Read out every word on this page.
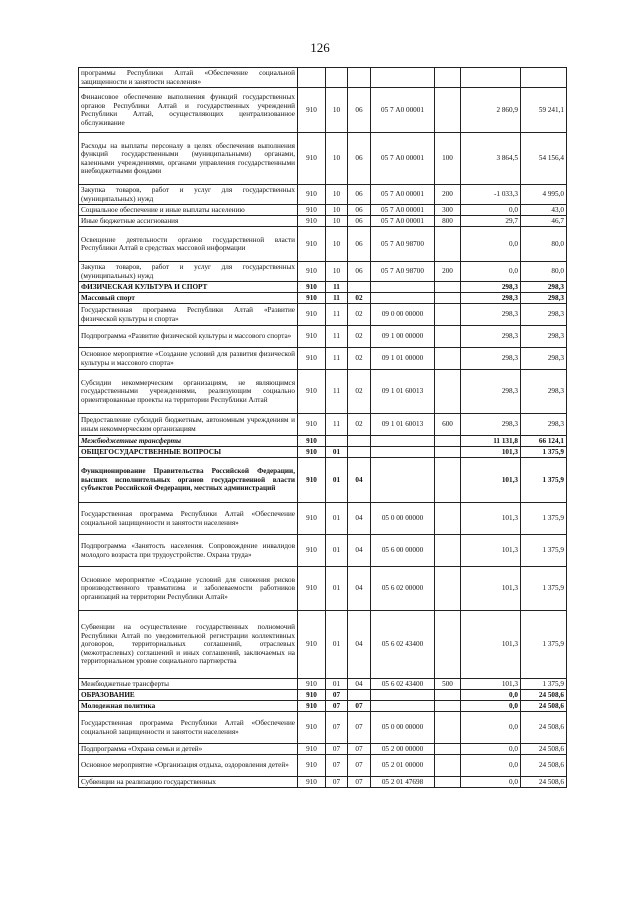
126
программы Республики Алтай «Обеспечение социальной защищенности и занятости населения»							
Финансовое обеспечение выполнения функций государственных органов Республики Алтай и государственных учреждений Республики Алтай, осуществляющих централизованное обслуживание	910	10	06	05 7 А0 00001		2 860,9	59 241,1
Расходы на выплаты персоналу в целях обеспечения выполнения функций государственными (муниципальными) органами, казенными учреждениями, органами управления государственными внебюджетными фондами	910	10	06	05 7 А0 00001	100	3 864,5	54 156,4
Закупка товаров, работ и услуг для государственных (муниципальных) нужд	910	10	06	05 7 А0 00001	200	-1 033,3	4 995,0
Социальное обеспечение и иные выплаты населению	910	10	06	05 7 А0 00001	300	0,0	43,0
Иные бюджетные ассигнования	910	10	06	05 7 А0 00001	800	29,7	46,7
Освещение деятельности органов государственной власти Республики Алтай в средствах массовой информации	910	10	06	05 7 А0 98700		0,0	80,0
Закупка товаров, работ и услуг для государственных (муниципальных) нужд	910	10	06	05 7 А0 98700	200	0,0	80,0
ФИЗИЧЕСКАЯ КУЛЬТУРА И СПОРТ	910	11				298,3	298,3
Массовый спорт	910	11	02			298,3	298,3
Государственная программа Республики Алтай «Развитие физической культуры и спорта»	910	11	02	09 0 00 00000		298,3	298,3
Подпрограмма «Развитие физической культуры и массового спорта»	910	11	02	09 1 00 00000		298,3	298,3
Основное мероприятие «Создание условий для развития физической культуры и массового спорта»	910	11	02	09 1 01 00000		298,3	298,3
Субсидии некоммерческим организациям, не являющимся государственными учреждениями, реализующим социально ориентированные проекты на территории Республики Алтай	910	11	02	09 1 01 60013		298,3	298,3
Предоставление субсидий бюджетным, автономным учреждениям и иным некоммерческим организациям	910	11	02	09 1 01 60013	600	298,3	298,3
Межбюджетные трансферты	910					11 131,8	66 124,1
ОБЩЕГОСУДАРСТВЕННЫЕ ВОПРОСЫ	910	01				101,3	1 375,9
Функционирование Правительства Российской Федерации, высших исполнительных органов государственной власти субъектов Российской Федерации, местных администраций	910	01	04			101,3	1 375,9
Государственная программа Республики Алтай «Обеспечение социальной защищенности и занятости населения»	910	01	04	05 0 00 00000		101,3	1 375,9
Подпрограмма «Занятость населения. Сопровождение инвалидов молодого возраста при трудоустройстве. Охрана труда»	910	01	04	05 6 00 00000		101,3	1 375,9
Основное мероприятие «Создание условий для снижения рисков производственного травматизма и заболеваемости работников организаций на территории Республики Алтай»	910	01	04	05 6 02 00000		101,3	1 375,9
Субвенции на осуществление государственных полномочий Республики Алтай по уведомительной регистрации коллективных договоров, территориальных соглашений, отраслевых (межотраслевых) соглашений и иных соглашений, заключаемых на территориальном уровне социального партнерства	910	01	04	05 6 02 43400		101,3	1 375,9
Межбюджетные трансферты	910	01	04	05 6 02 43400	500	101,3	1 375,9
ОБРАЗОВАНИЕ	910	07				0,0	24 508,6
Молодежная политика	910	07	07			0,0	24 508,6
Государственная программа Республики Алтай «Обеспечение социальной защищенности и занятости населения»	910	07	07	05 0 00 00000		0,0	24 508,6
Подпрограмма «Охрана семьи и детей»	910	07	07	05 2 00 00000		0,0	24 508,6
Основное мероприятие «Организация отдыха, оздоровления детей»	910	07	07	05 2 01 00000		0,0	24 508,6
Субвенции на реализацию государственных	910	07	07	05 2 01 47698		0,0	24 508,6
